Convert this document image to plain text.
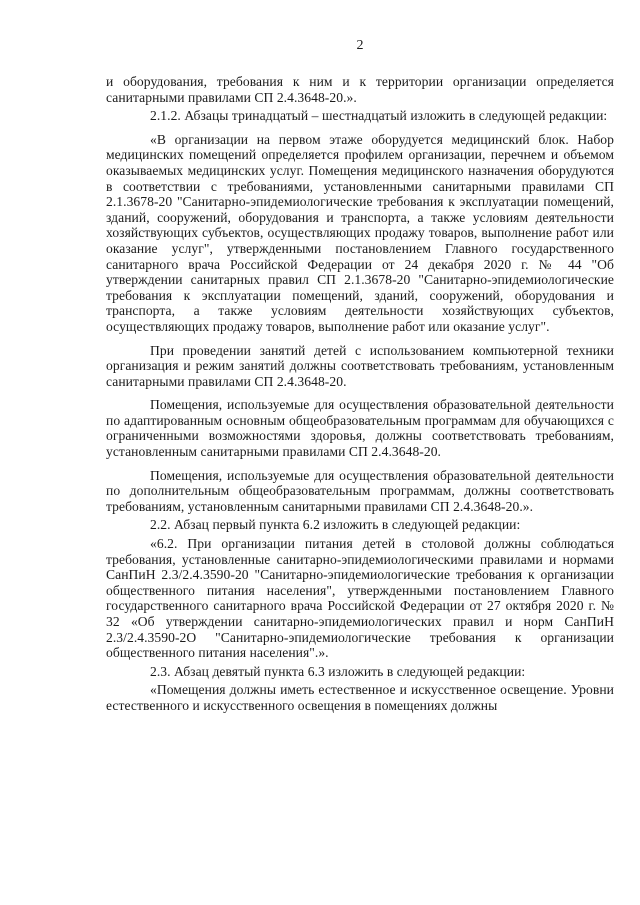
2

и оборудования, требования к ним и к территории организации определяется санитарными правилами СП 2.4.3648-20.».

2.1.2. Абзацы тринадцатый – шестнадцатый изложить в следующей редакции:

«В организации на первом этаже оборудуется медицинский блок. Набор медицинских помещений определяется профилем организации, перечнем и объемом оказываемых медицинских услуг. Помещения медицинского назначения оборудуются в соответствии с требованиями, установленными санитарными правилами СП 2.1.3678-20 "Санитарно-эпидемиологические требования к эксплуатации помещений, зданий, сооружений, оборудования и транспорта, а также условиям деятельности хозяйствующих субъектов, осуществляющих продажу товаров, выполнение работ или оказание услуг", утвержденными постановлением Главного государственного санитарного врача Российской Федерации от 24 декабря 2020 г. № 44 "Об утверждении санитарных правил СП 2.1.3678-20 "Санитарно-эпидемиологические требования к эксплуатации помещений, зданий, сооружений, оборудования и транспорта, а также условиям деятельности хозяйствующих субъектов, осуществляющих продажу товаров, выполнение работ или оказание услуг".

При проведении занятий детей с использованием компьютерной техники организация и режим занятий должны соответствовать требованиям, установленным санитарными правилами СП 2.4.3648-20.

Помещения, используемые для осуществления образовательной деятельности по адаптированным основным общеобразовательным программам для обучающихся с ограниченными возможностями здоровья, должны соответствовать требованиям, установленным санитарными правилами СП 2.4.3648-20.

Помещения, используемые для осуществления образовательной деятельности по дополнительным общеобразовательным программам, должны соответствовать требованиям, установленным санитарными правилами СП 2.4.3648-20.».

2.2. Абзац первый пункта 6.2 изложить в следующей редакции:

«6.2. При организации питания детей в столовой должны соблюдаться требования, установленные санитарно-эпидемиологическими правилами и нормами СанПиН 2.3/2.4.3590-20 "Санитарно-эпидемиологические требования к организации общественного питания населения", утвержденными постановлением Главного государственного санитарного врача Российской Федерации от 27 октября 2020 г. № 32 «Об утверждении санитарно-эпидемиологических правил и норм СанПиН 2.3/2.4.3590-2О "Санитарно-эпидемиологические требования к организации общественного питания населения".».

2.3. Абзац девятый пункта 6.3 изложить в следующей редакции:

«Помещения должны иметь естественное и искусственное освещение. Уровни естественного и искусственного освещения в помещениях должны
